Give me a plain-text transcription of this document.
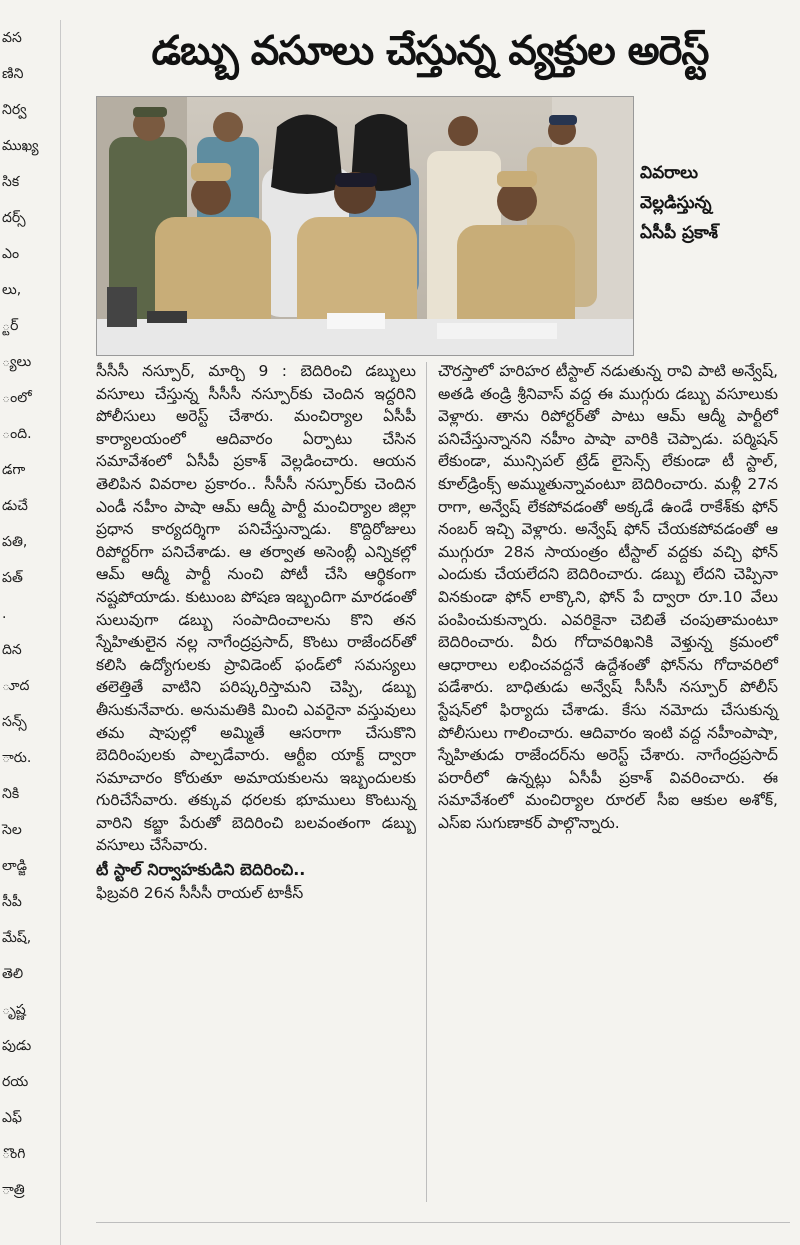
వస
ణిని
నిర్వ
ముఖ్య
సిక
దర్స్
ఎం
లు,
్టర్
్యలు
ంలో
ంది.
డగా
డుచే
పతి,
పత్
.
దిన
ూద
సన్స్
ారు.
నికి
సెల
లాడ్జి
సీపీ
మేష్,
తెలి
ృష్ణ
పుడు
రయ
ఎఫ్
ొంగి
ాత్రి
డబ్బు వసూలు చేస్తున్న వ్యక్తుల అరెస్ట్
వివరాలు
వెల్లడిస్తున్న
ఏసీపీ ప్రకాశ్

సీసీసీ నస్పూర్, మార్చి 9 : బెదిరించి డబ్బులు వసూలు చేస్తున్న సీసీసీ నస్పూర్‌కు చెందిన ఇద్దరిని పోలీసులు అరెస్ట్ చేశారు. మంచిర్యాల ఏసీపీ కార్యాలయంలో ఆదివారం ఏర్పాటు చేసిన సమావేశంలో ఏసీపీ ప్రకాశ్ వెల్లడించారు. ఆయన తెలిపిన వివరాల ప్రకారం.. సీసీసీ నస్పూర్‌కు చెందిన ఎండీ నహీం పాషా ఆమ్ ఆద్మీ పార్టీ మంచిర్యాల జిల్లా ప్రధాన కార్యదర్శిగా పనిచేస్తున్నాడు. కొద్దిరోజులు రిపోర్టర్‌గా పనిచేశాడు. ఆ తర్వాత అసెంబ్లీ ఎన్నికల్లో ఆమ్ ఆద్మీ పార్టీ నుంచి పోటీ చేసి ఆర్థికంగా నష్టపోయాడు. కుటుంబ పోషణ ఇబ్బందిగా మారడంతో సులువుగా డబ్బు సంపాదించాలను కొని తన స్నేహితులైన నల్ల నాగేంద్రప్రసాద్, కొంటు రాజేందర్‌తో కలిసి ఉద్యోగులకు ప్రావిడెంట్ ఫండ్‌లో సమస్యలు తలెత్తితే వాటిని పరిష్కరిస్తామని చెప్పి, డబ్బు తీసుకునేవారు. అనుమతికి మించి ఎవరైనా వస్తువులు తమ షాపుల్లో అమ్మితే ఆసరాగా చేసుకొని బెదిరింపులకు పాల్పడేవారు. ఆర్టీఐ యాక్ట్ ద్వారా సమాచారం కోరుతూ అమాయకులను ఇబ్బందులకు గురిచేసేవారు. తక్కువ ధరలకు భూములు కొంటున్న వారిని కబ్జా పేరుతో బెదిరించి బలవంతంగా డబ్బు వసూలు చేసేవారు.

టీ స్టాల్ నిర్వాహకుడిని బెదిరించి..

ఫిబ్రవరి 26న సీసీసీ రాయల్ టాకీస్

చౌరస్తాలో హరిహర టీస్టాల్ నడుతున్న రావి పాటి అన్వేష్, అతడి తండ్రి శ్రీనివాస్ వద్ద ఈ ముగ్గురు డబ్బు వసూలుకు వెళ్లారు. తాను రిపోర్టర్‌తో పాటు ఆమ్ ఆద్మీ పార్టీలో పనిచేస్తున్నానని నహీం పాషా వారికి చెప్పాడు. పర్మిషన్ లేకుండా, మున్సిపల్ ట్రేడ్ లైసెన్స్ లేకుండా టీ స్టాల్, కూల్‌డ్రింక్స్ అమ్ముతున్నావంటూ బెదిరించారు. మళ్లీ 27న రాగా, అన్వేష్ లేకపోవడంతో అక్కడే ఉండే రాకేశ్‌కు ఫోన్ నంబర్ ఇచ్చి వెళ్లారు. అన్వేష్ ఫోన్ చేయకపోవడంతో ఆ ముగ్గురూ 28న సాయంత్రం టీస్టాల్ వద్దకు వచ్చి ఫోన్ ఎందుకు చేయలేదని బెదిరించారు. డబ్బు లేదని చెప్పినా వినకుండా ఫోన్ లాక్కొని, ఫోన్ పే ద్వారా రూ.10 వేలు పంపించుకున్నారు. ఎవరికైనా చెబితే చంపుతామంటూ బెదిరించారు. వీరు గోదావరిఖనికి వెళ్తున్న క్రమంలో ఆధారాలు లభించవద్దనే ఉద్దేశంతో ఫోన్‌ను గోదావరిలో పడేశారు. బాధితుడు అన్వేష్ సీసీసీ నస్పూర్ పోలీస్ స్టేషన్‌లో ఫిర్యాదు చేశాడు. కేసు నమోదు చేసుకున్న పోలీసులు గాలించారు. ఆదివారం ఇంటి వద్ద నహీంపాషా, స్నేహితుడు రాజేందర్‌ను అరెస్ట్ చేశారు. నాగేంద్రప్రసాద్ పరారీలో ఉన్నట్లు ఏసీపీ ప్రకాశ్ వివరించారు. ఈ సమావేశంలో మంచిర్యాల రూరల్ సీఐ ఆకుల అశోక్, ఎస్ఐ సుగుణాకర్ పాల్గొన్నారు.
